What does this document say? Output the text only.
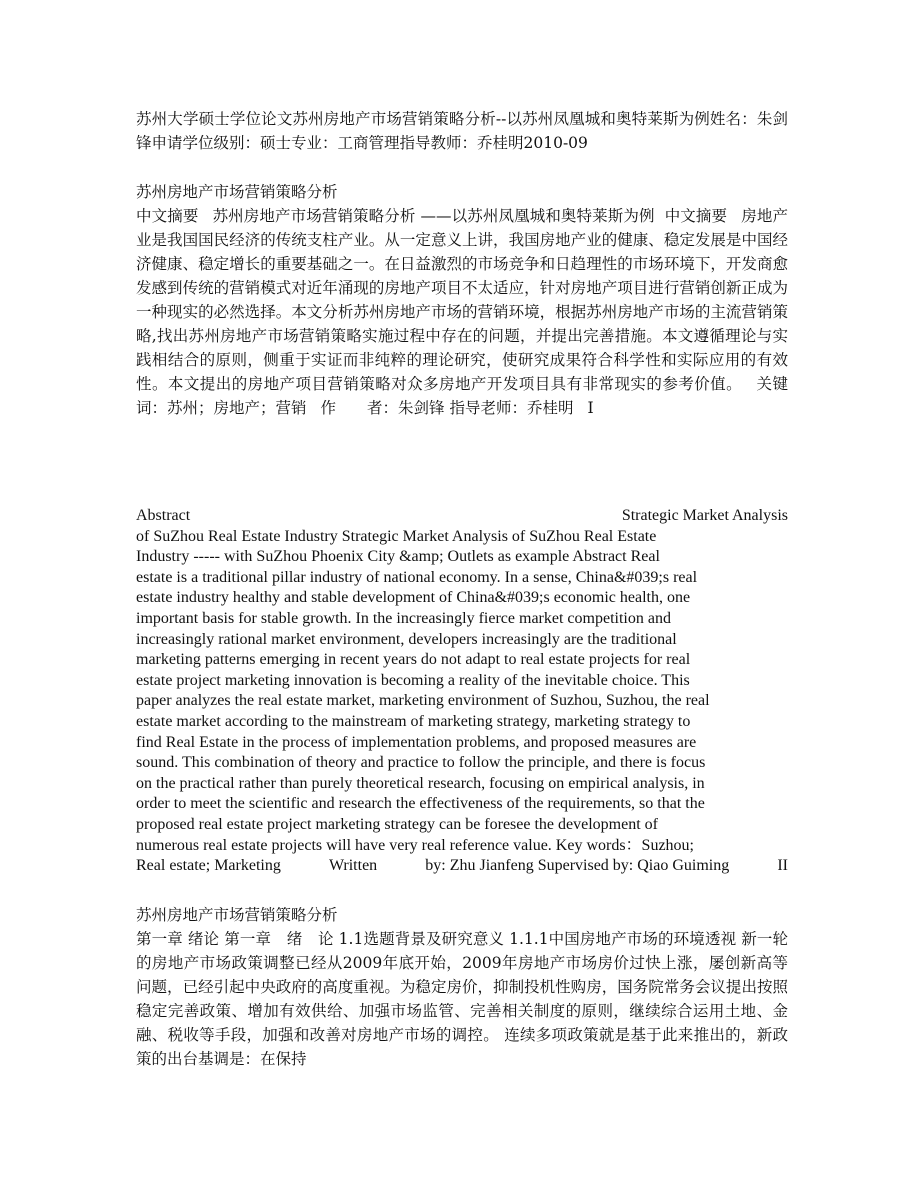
苏州大学硕士学位论文苏州房地产市场营销策略分析--以苏州凤凰城和奥特莱斯为例姓名：朱剑锋申请学位级别：硕士专业：工商管理指导教师：乔桂明2010-09

苏州房地产市场营销策略分析
中文摘要 苏州房地产市场营销策略分析 ——以苏州凤凰城和奥特莱斯为例 中文摘要 房地产业是我国国民经济的传统支柱产业。从一定意义上讲，我国房地产业的健康、稳定发展是中国经济健康、稳定增长的重要基础之一。在日益激烈的市场竞争和日趋理性的市场环境下，开发商愈发感到传统的营销模式对近年涌现的房地产项目不太适应，针对房地产项目进行营销创新正成为一种现实的必然选择。本文分析苏州房地产市场的营销环境，根据苏州房地产市场的主流营销策略,找出苏州房地产市场营销策略实施过程中存在的问题，并提出完善措施。本文遵循理论与实践相结合的原则，侧重于实证而非纯粹的理论研究，使研究成果符合科学性和实际应用的有效性。本文提出的房地产项目营销策略对众多房地产开发项目具有非常现实的参考价值。 关键词：苏州；房地产；营销 作　　者：朱剑锋 指导老师：乔桂明 I
Abstract	Strategic Market Analysis
of SuZhou Real Estate Industry Strategic Market Analysis of SuZhou Real Estate
Industry ----- with SuZhou Phoenix City &amp; Outlets as example Abstract Real
estate is a traditional pillar industry of national economy. In a sense, China&#039;s real
estate industry healthy and stable development of China&#039;s economic health, one
important basis for stable growth. In the increasingly fierce market competition and
increasingly rational market environment, developers increasingly are the traditional
marketing patterns emerging in recent years do not adapt to real estate projects for real
estate project marketing innovation is becoming a reality of the inevitable choice. This
paper analyzes the real estate market, marketing environment of Suzhou, Suzhou, the real
estate market according to the mainstream of marketing strategy, marketing strategy to
find Real Estate in the process of implementation problems, and proposed measures are
sound. This combination of theory and practice to follow the principle, and there is focus
on the practical rather than purely theoretical research, focusing on empirical analysis, in
order to meet the scientific and research the effectiveness of the requirements, so that the
proposed real estate project marketing strategy can be foresee the development of
numerous real estate projects will have very real reference value. Key words：Suzhou;
Real estate; Marketing	Written	by: Zhu Jianfeng Supervised by: Qiao Guiming	II
苏州房地产市场营销策略分析
第一章 绪论 第一章　绪　论 1.1选题背景及研究意义 1.1.1中国房地产市场的环境透视 新一轮的房地产市场政策调整已经从2009年底开始，2009年房地产市场房价过快上涨，屡创新高等问题，已经引起中央政府的高度重视。为稳定房价，抑制投机性购房，国务院常务会议提出按照稳定完善政策、增加有效供给、加强市场监管、完善相关制度的原则，继续综合运用土地、金融、税收等手段，加强和改善对房地产市场的调控。 连续多项政策就是基于此来推出的，新政策的出台基调是：在保持
